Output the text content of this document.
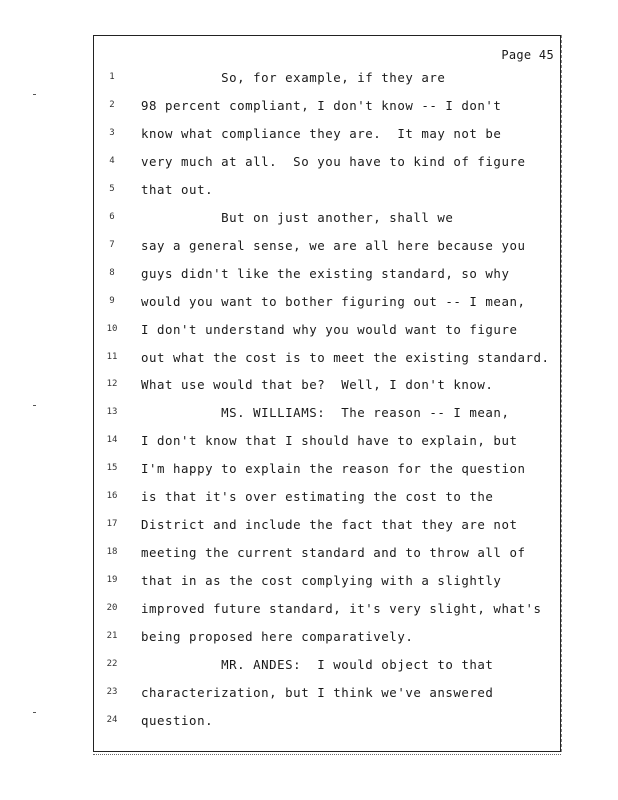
Page 45
1	So, for example, if they are
2	98 percent compliant, I don't know -- I don't
3	know what compliance they are.  It may not be
4	very much at all.  So you have to kind of figure
5	that out.
6	But on just another, shall we
7	say a general sense, we are all here because you
8	guys didn't like the existing standard, so why
9	would you want to bother figuring out -- I mean,
10 I don't understand why you would want to figure
11 out what the cost is to meet the existing standard.
12 What use would that be?  Well, I don't know.
13 MS. WILLIAMS:  The reason -- I mean,
14 I don't know that I should have to explain, but
15 I'm happy to explain the reason for the question
16 is that it's over estimating the cost to the
17 District and include the fact that they are not
18 meeting the current standard and to throw all of
19 that in as the cost complying with a slightly
20 improved future standard, it's very slight, what's
21 being proposed here comparatively.
22 MR. ANDES:  I would object to that
23 characterization, but I think we've answered
24 question.
